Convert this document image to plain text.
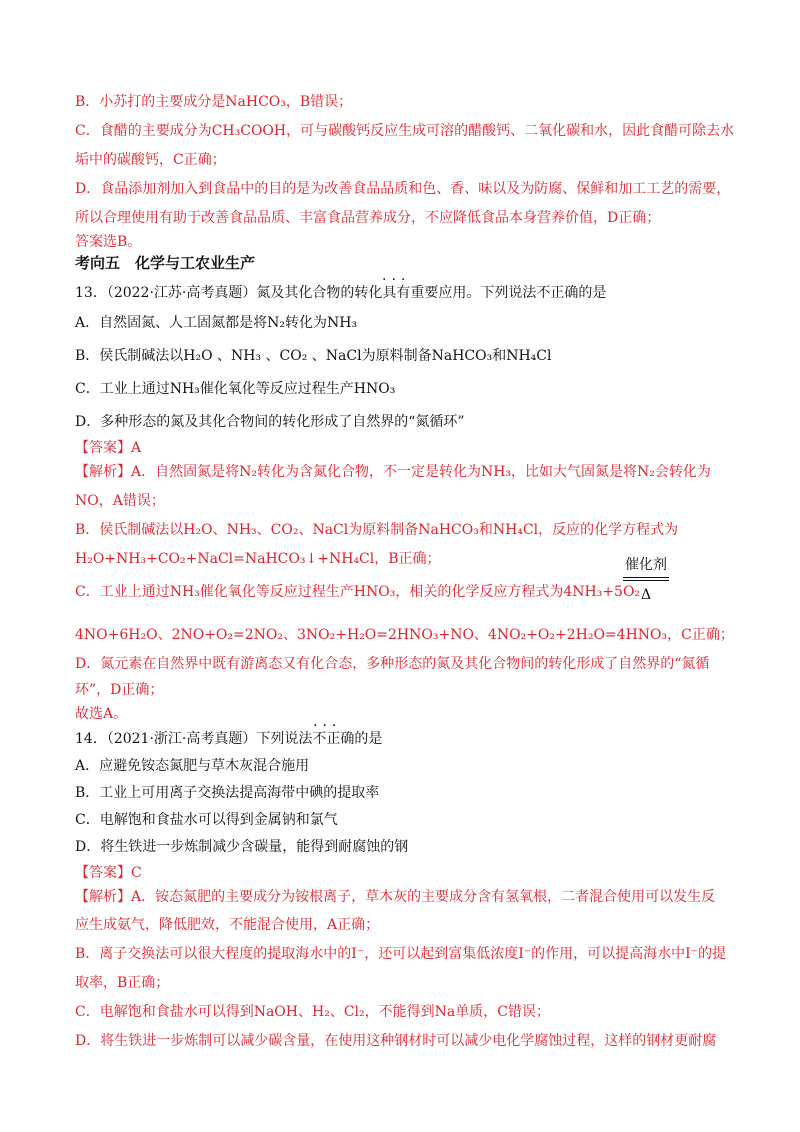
B．小苏打的主要成分是NaHCO₃，B错误；
C．食醋的主要成分为CH₃COOH，可与碳酸钙反应生成可溶的醋酸钙、二氧化碳和水，因此食醋可除去水
垢中的碳酸钙，C正确；
D．食品添加剂加入到食品中的目的是为改善食品品质和色、香、味以及为防腐、保鲜和加工工艺的需要，
所以合理使用有助于改善食品品质、丰富食品营养成分，不应降低食品本身营养价值，D正确；
答案选B。
考向五　化学与工农业生产
13．（2022·江苏·高考真题）氮及其化合物的转化具有重要应用。下列说法不正确的是
A．自然固氮、人工固氮都是将N₂转化为NH₃
B．侯氏制碱法以H₂O 、NH₃ 、CO₂ 、NaCl为原料制备NaHCO₃和NH₄Cl
C．工业上通过NH₃催化氧化等反应过程生产HNO₃
D．多种形态的氮及其化合物间的转化形成了自然界的“氮循环”
【答案】A
【解析】A．自然固氮是将N₂转化为含氮化合物，不一定是转化为NH₃，比如大气固氮是将N₂会转化为
NO，A错误；
B．侯氏制碱法以H₂O、NH₃、CO₂、NaCl为原料制备NaHCO₃和NH₄Cl，反应的化学方程式为
H₂O+NH₃+CO₂+NaCl=NaHCO₃↓+NH₄Cl，B正确；
C．工业上通过NH₃催化氧化等反应过程生产HNO₃，相关的化学反应方程式为4NH₃+5O₂
4NO+6H₂O、2NO+O₂=2NO₂、3NO₂+H₂O=2HNO₃+NO、4NO₂+O₂+2H₂O=4HNO₃，C正确；
D．氮元素在自然界中既有游离态又有化合态，多种形态的氮及其化合物间的转化形成了自然界的“氮循
环”，D正确；
故选A。
14．（2021·浙江·高考真题）下列说法不正确的是
A．应避免铵态氮肥与草木灰混合施用
B．工业上可用离子交换法提高海带中碘的提取率
C．电解饱和食盐水可以得到金属钠和氯气
D．将生铁进一步炼制减少含碳量，能得到耐腐蚀的钢
【答案】C
【解析】A．铵态氮肥的主要成分为铵根离子，草木灰的主要成分含有氢氧根，二者混合使用可以发生反
应生成氨气，降低肥效，不能混合使用，A正确；
B．离子交换法可以很大程度的提取海水中的I⁻，还可以起到富集低浓度I⁻的作用，可以提高海水中I⁻的提
取率，B正确；
C．电解饱和食盐水可以得到NaOH、H₂、Cl₂，不能得到Na单质，C错误；
D．将生铁进一步炼制可以减少碳含量，在使用这种钢材时可以减少电化学腐蚀过程，这样的钢材更耐腐
催化剂
Δ
···
···
